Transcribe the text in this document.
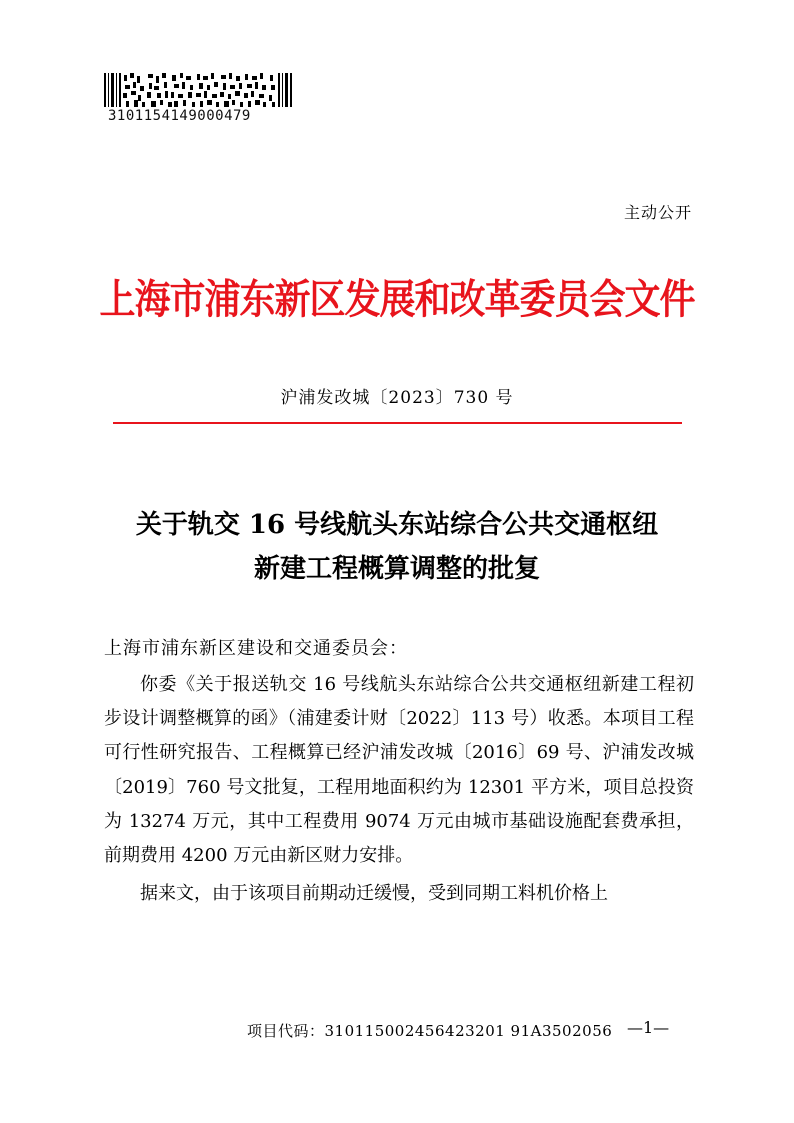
3101154149000479
主动公开
上海市浦东新区发展和改革委员会文件
沪浦发改城〔2023〕730 号
关于轨交 16 号线航头东站综合公共交通枢纽
新建工程概算调整的批复
上海市浦东新区建设和交通委员会：

你委《关于报送轨交 16 号线航头东站综合公共交通枢纽新建工程初步设计调整概算的函》（浦建委计财〔2022〕113 号）收悉。本项目工程可行性研究报告、工程概算已经沪浦发改城〔2016〕69 号、沪浦发改城〔2019〕760 号文批复，工程用地面积约为 12301 平方米，项目总投资为 13274 万元，其中工程费用 9074 万元由城市基础设施配套费承担，前期费用 4200 万元由新区财力安排。

据来文，由于该项目前期动迁缓慢，受到同期工料机价格上

项目代码：310115002456423201 91A3502056 —1—
